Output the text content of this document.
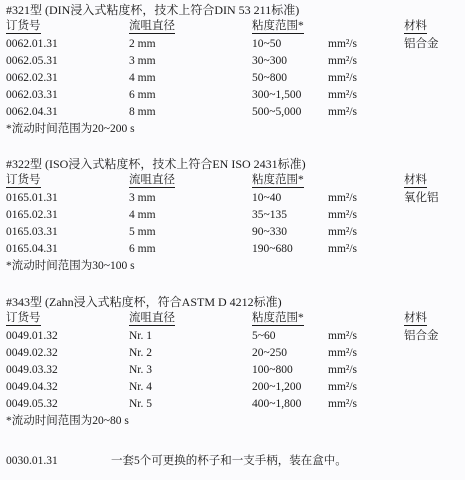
#321型 (DIN浸入式粘度杯，技术上符合DIN 53 211标准)
订货号	流咀直径	粘度范围*	材料
0062.01.31	2 mm	10~50	mm²/s	铝合金
0062.05.31	3 mm	30~300	mm²/s
0062.02.31	4 mm	50~800	mm²/s
0062.03.31	6 mm	300~1,500 mm²/s
0062.04.31	8 mm	500~5,000 mm²/s
*流动时间范围为20~200 s
#322型 (ISO浸入式粘度杯，技术上符合EN ISO 2431标准)
订货号	流咀直径	粘度范围*	材料
0165.01.31	3 mm	10~40	mm²/s	氧化铝
0165.02.31	4 mm	35~135	mm²/s
0165.03.31	5 mm	90~330	mm²/s
0165.04.31	6 mm	190~680	mm²/s
*流动时间范围为30~100 s
#343型 (Zahn浸入式粘度杯，符合ASTM D 4212标准)
订货号	流咀直径	粘度范围*	材料
0049.01.32	Nr. 1	5~60	mm²/s	铝合金
0049.02.32	Nr. 2	20~250	mm²/s
0049.03.32	Nr. 3	100~800	mm²/s
0049.04.32	Nr. 4	200~1,200 mm²/s
0049.05.32	Nr. 5	400~1,800 mm²/s
*流动时间范围为20~80 s
0030.01.31	一套5个可更换的杯子和一支手柄，装在盒中。
